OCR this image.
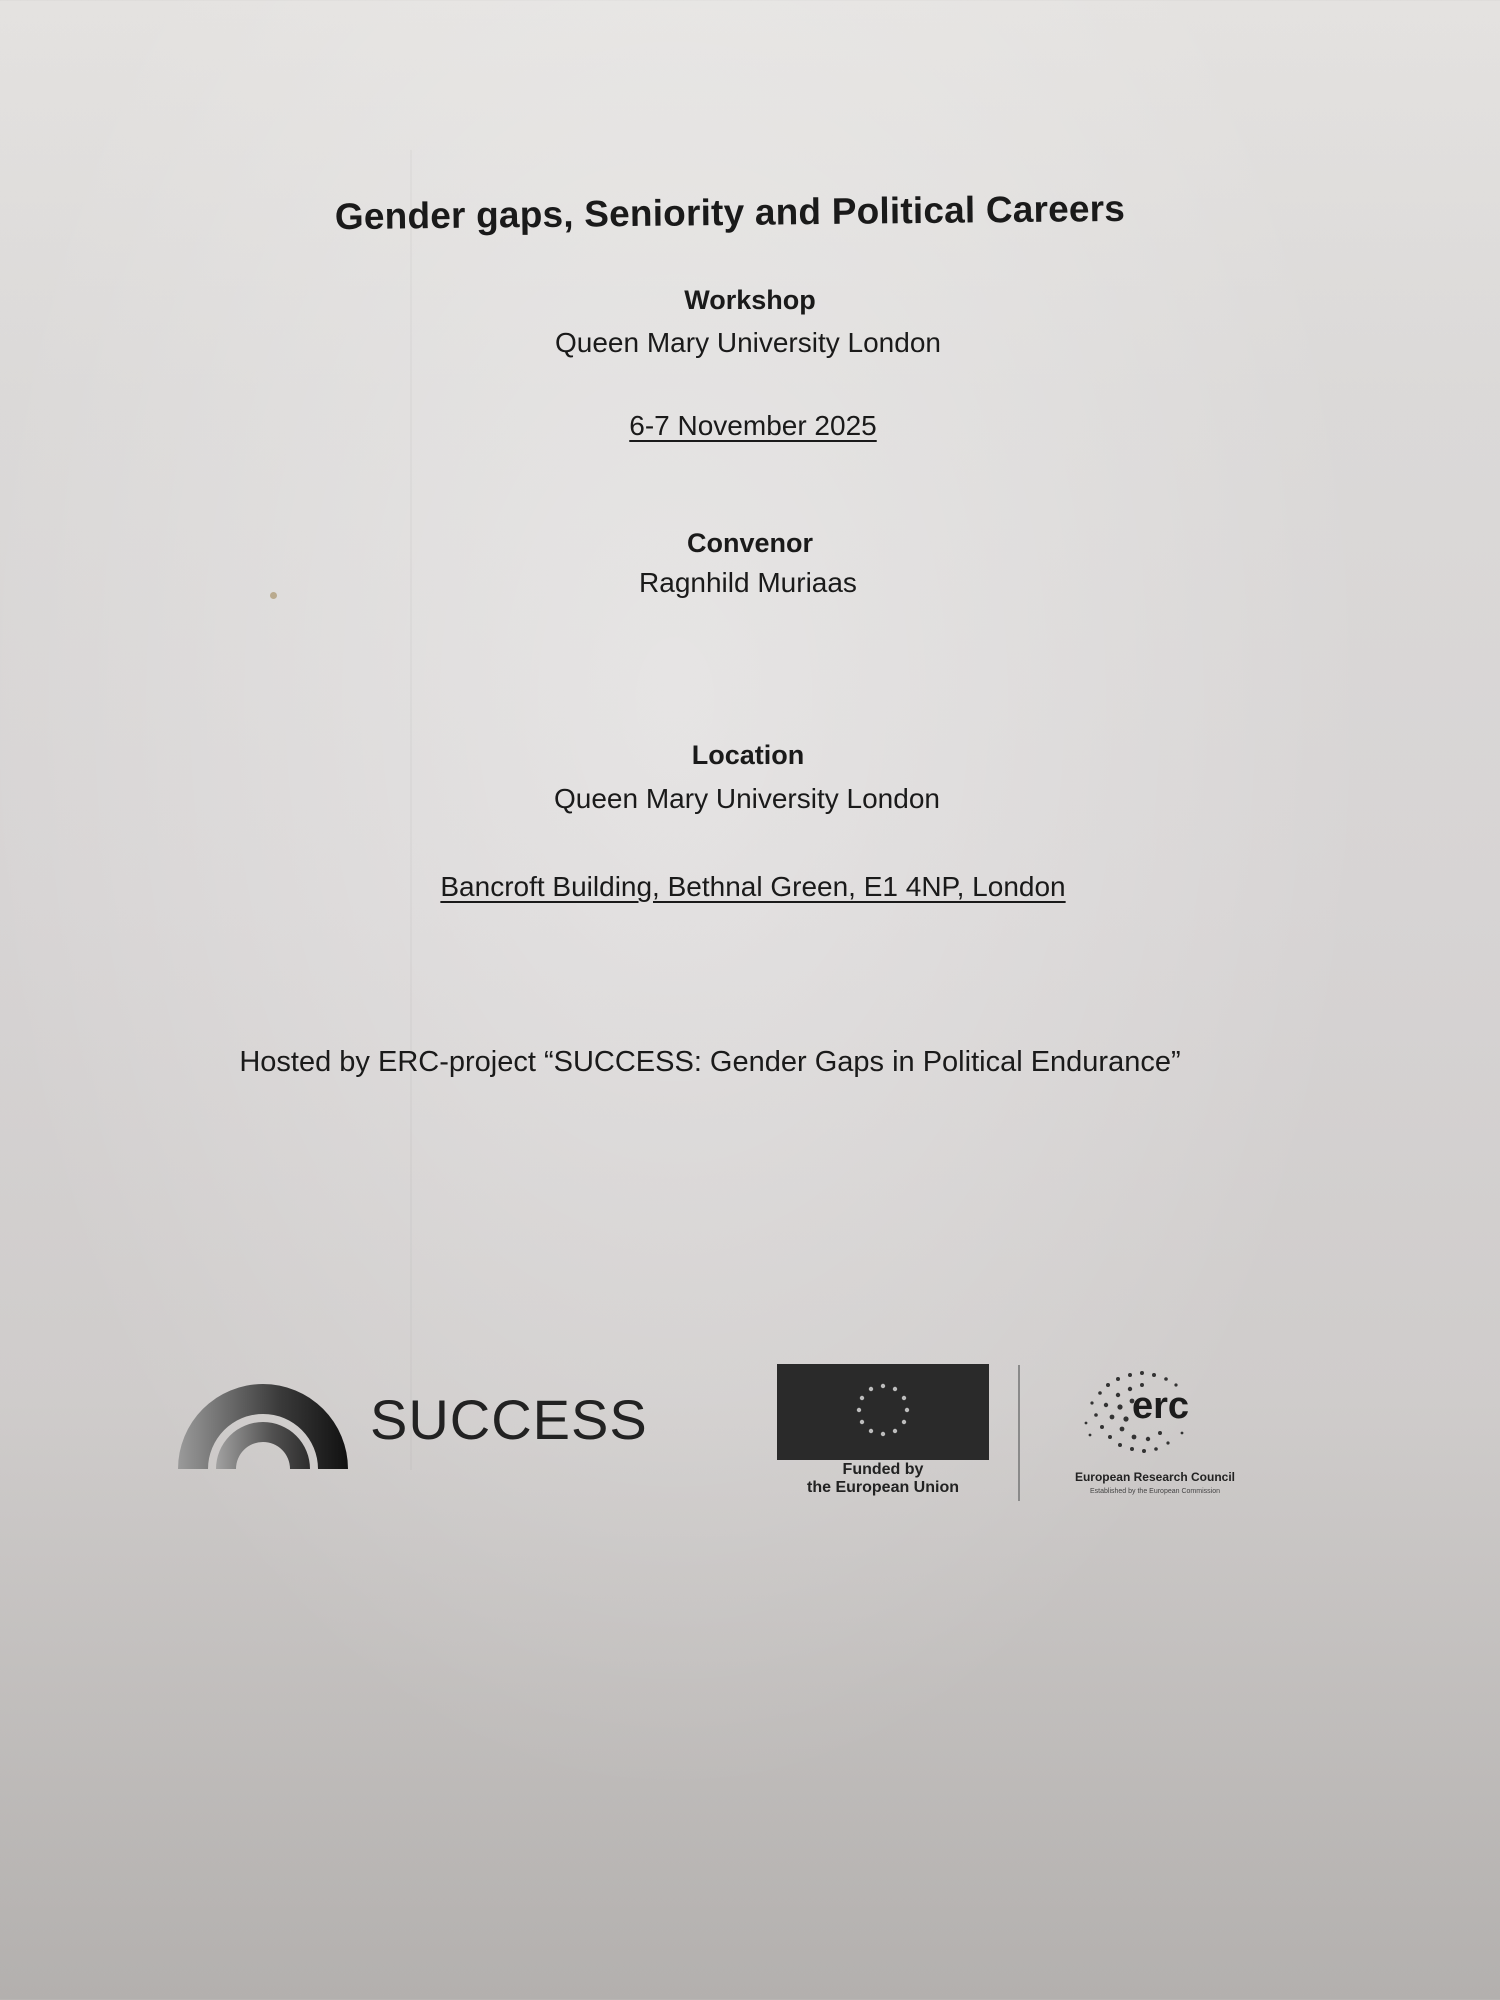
Gender gaps, Seniority and Political Careers
Workshop
Queen Mary University London
6-7 November 2025
Convenor
Ragnhild Muriaas
Location
Queen Mary University London
Bancroft Building, Bethnal Green, E1 4NP, London
Hosted by ERC-project “SUCCESS: Gender Gaps in Political Endurance”
SUCCESS
Funded by
the European Union
erc
European Research Council
Established by the European Commission
